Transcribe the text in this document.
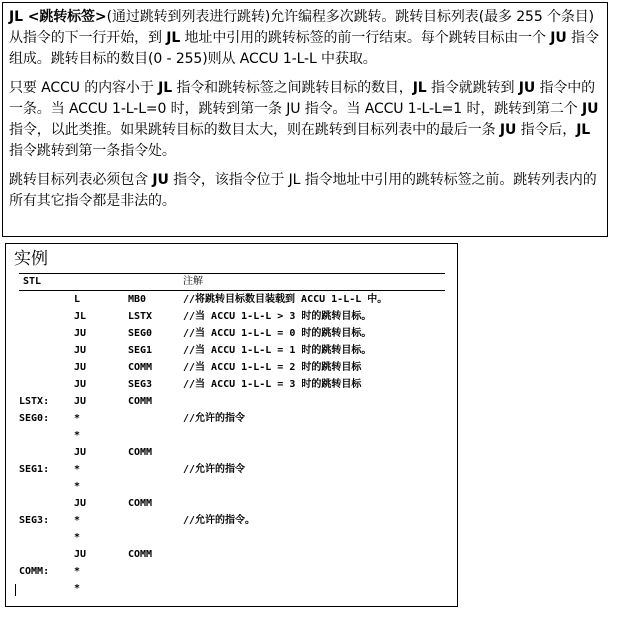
JL <跳转标签>(通过跳转到列表进行跳转)允许编程多次跳转。跳转目标列表(最多 255 个条目)从指令的下一行开始，到 JL 地址中引用的跳转标签的前一行结束。每个跳转目标由一个 JU 指令组成。跳转目标的数目(0 - 255)则从 ACCU 1-L-L 中获取。

只要 ACCU 的内容小于 JL 指令和跳转标签之间跳转目标的数目，JL 指令就跳转到 JU 指令中的一条。当 ACCU 1-L-L=0 时，跳转到第一条 JU 指令。当 ACCU 1-L-L=1 时，跳转到第二个 JU 指令，以此类推。如果跳转目标的数目太大，则在跳转到目标列表中的最后一条 JU 指令后，JL 指令跳转到第一条指令处。

跳转目标列表必须包含 JU 指令，该指令位于 JL 指令地址中引用的跳转标签之前。跳转列表内的所有其它指令都是非法的。

实例
STL	注解
L	MB0	//将跳转目标数目装载到 ACCU 1-L-L 中。
JL	LSTX	//当 ACCU 1-L-L > 3 时的跳转目标。
JU	SEG0	//当 ACCU 1-L-L = 0 时的跳转目标。
JU	SEG1	//当 ACCU 1-L-L = 1 时的跳转目标。
JU	COMM	//当 ACCU 1-L-L = 2 时的跳转目标
JU	SEG3	//当 ACCU 1-L-L = 3 时的跳转目标
LSTX: JU	COMM
SEG0: *	//允许的指令
*
JU	COMM
SEG1: *	//允许的指令
*
JU	COMM
SEG3: *	//允许的指令。
*
JU	COMM
COMM: *
*
